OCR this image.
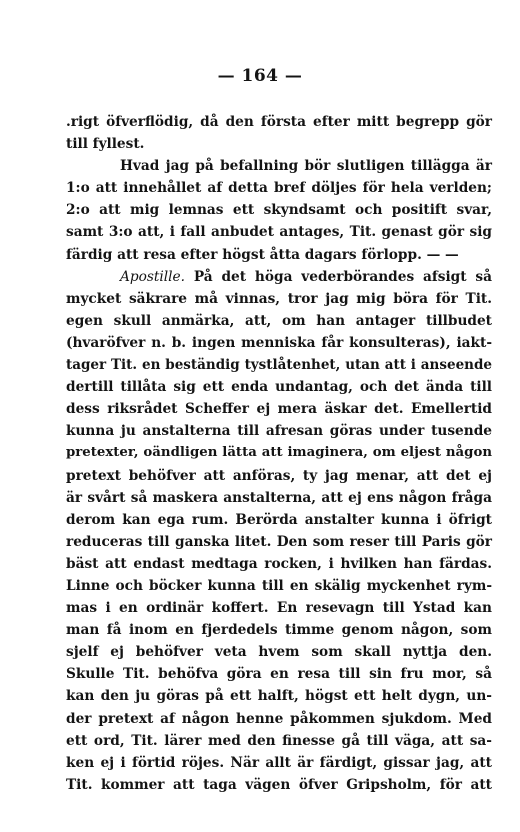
— 164 —
.rigt öfverflödig, då den första efter mitt begrepp gör
till fyllest.
Hvad jag på befallning bör slutligen tillägga är
1:o att innehållet af detta bref döljes för hela verlden;
2:o att mig lemnas ett skyndsamt och positift svar,
samt 3:o att, i fall anbudet antages, Tit. genast gör sig
färdig att resa efter högst åtta dagars förlopp. — —
Apostille. På det höga vederbörandes afsigt så
mycket säkrare må vinnas, tror jag mig böra för Tit.
egen skull anmärka, att, om han antager tillbudet
(hvaröfver n. b. ingen menniska får konsulteras), iakt-
tager Tit. en beständig tystlåtenhet, utan att i anseende
dertill tillåta sig ett enda undantag, och det ända till
dess riksrådet Scheffer ej mera äskar det. Emellertid
kunna ju anstalterna till afresan göras under tusende
pretexter, oändligen lätta att imaginera, om eljest någon
pretext behöfver att anföras, ty jag menar, att det ej
är svårt så maskera anstalterna, att ej ens någon fråga
derom kan ega rum. Berörda anstalter kunna i öfrigt
reduceras till ganska litet. Den som reser till Paris gör
bäst att endast medtaga rocken, i hvilken han färdas.
Linne och böcker kunna till en skälig myckenhet rym-
mas i en ordinär koffert. En resevagn till Ystad kan
man få inom en fjerdedels timme genom någon, som
sjelf ej behöfver veta hvem som skall nyttja den.
Skulle Tit. behöfva göra en resa till sin fru mor, så
kan den ju göras på ett halft, högst ett helt dygn, un-
der pretext af någon henne påkommen sjukdom. Med
ett ord, Tit. lärer med den finesse gå till väga, att sa-
ken ej i förtid röjes. När allt är färdigt, gissar jag, att
Tit. kommer att taga vägen öfver Gripsholm, för att
